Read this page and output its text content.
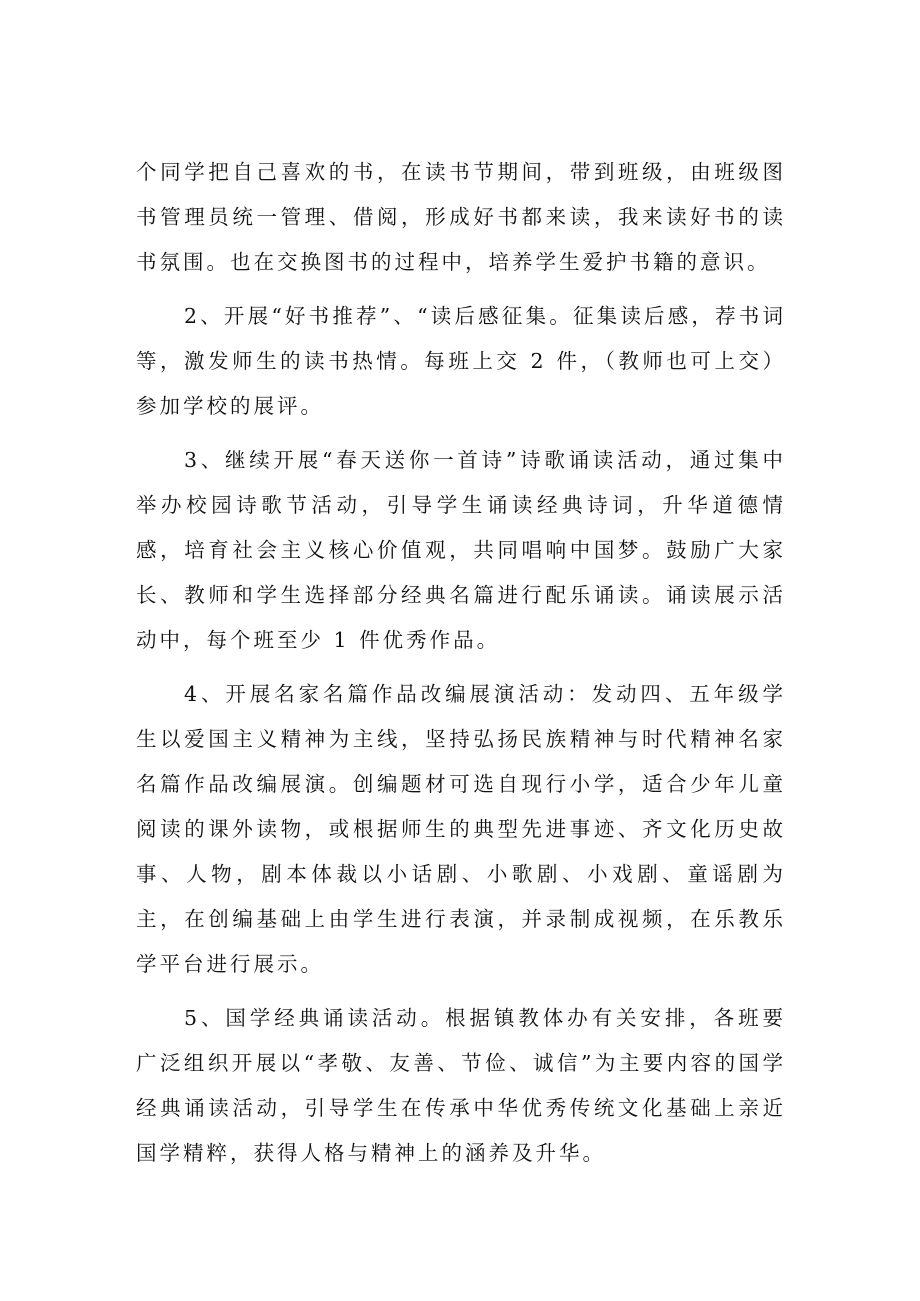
个同学把自己喜欢的书，在读书节期间，带到班级，由班级图书管理员统一管理、借阅，形成好书都来读，我来读好书的读书氛围。也在交换图书的过程中，培养学生爱护书籍的意识。

2、开展“好书推荐”、“读后感征集。征集读后感，荐书词等，激发师生的读书热情。每班上交 2 件，（教师也可上交）参加学校的展评。

3、继续开展“春天送你一首诗”诗歌诵读活动，通过集中举办校园诗歌节活动，引导学生诵读经典诗词，升华道德情感，培育社会主义核心价值观，共同唱响中国梦。鼓励广大家长、教师和学生选择部分经典名篇进行配乐诵读。诵读展示活动中，每个班至少 1 件优秀作品。

4、开展名家名篇作品改编展演活动：发动四、五年级学生以爱国主义精神为主线，坚持弘扬民族精神与时代精神名家名篇作品改编展演。创编题材可选自现行小学，适合少年儿童阅读的课外读物，或根据师生的典型先进事迹、齐文化历史故事、人物，剧本体裁以小话剧、小歌剧、小戏剧、童谣剧为主，在创编基础上由学生进行表演，并录制成视频，在乐教乐学平台进行展示。

5、国学经典诵读活动。根据镇教体办有关安排，各班要广泛组织开展以“孝敬、友善、节俭、诚信”为主要内容的国学经典诵读活动，引导学生在传承中华优秀传统文化基础上亲近国学精粹，获得人格与精神上的涵养及升华。
